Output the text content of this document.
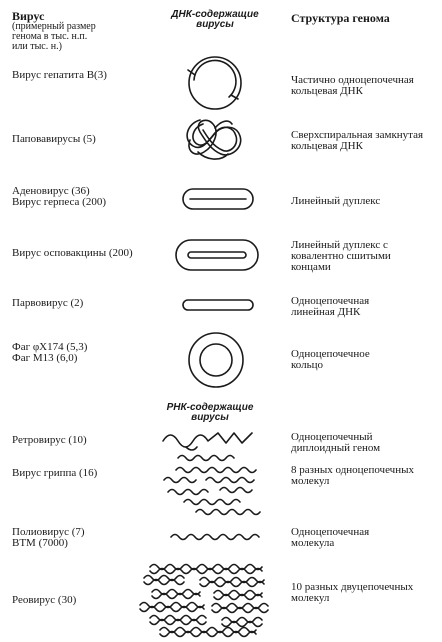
Вирус
(примерный размер
генома в тыс. н.п.
или тыс. н.)
ДНК-содержащие
вирусы	Структура генома
РНК-содержащие
вирусы
Вирус гепатита В(3)
Паповавирусы (5)
Аденовирус (36)
Вирус герпеса (200)
Вирус осповакцины (200)
Парвовирус (2)
Фаг φX174 (5,3)
Фаг M13 (6,0)
Ретровирус (10)
Вирус гриппа (16)
Полиовирус (7)
BTM (7000)
Реовирус (30)
Частично одноцепочечная
кольцевая ДНК
Сверхспиральная замкнутая
кольцевая ДНК
Линейный дуплекс
Линейный дуплекс с
ковалентно сшитыми
концами
Одноцепочечная
линейная ДНК
Одноцепочечное
кольцо
Одноцепочечный
диплоидный геном
8 разных одноцепочечных
молекул
Одноцепочечная
молекула
10 разных двуцепочечных
молекул
